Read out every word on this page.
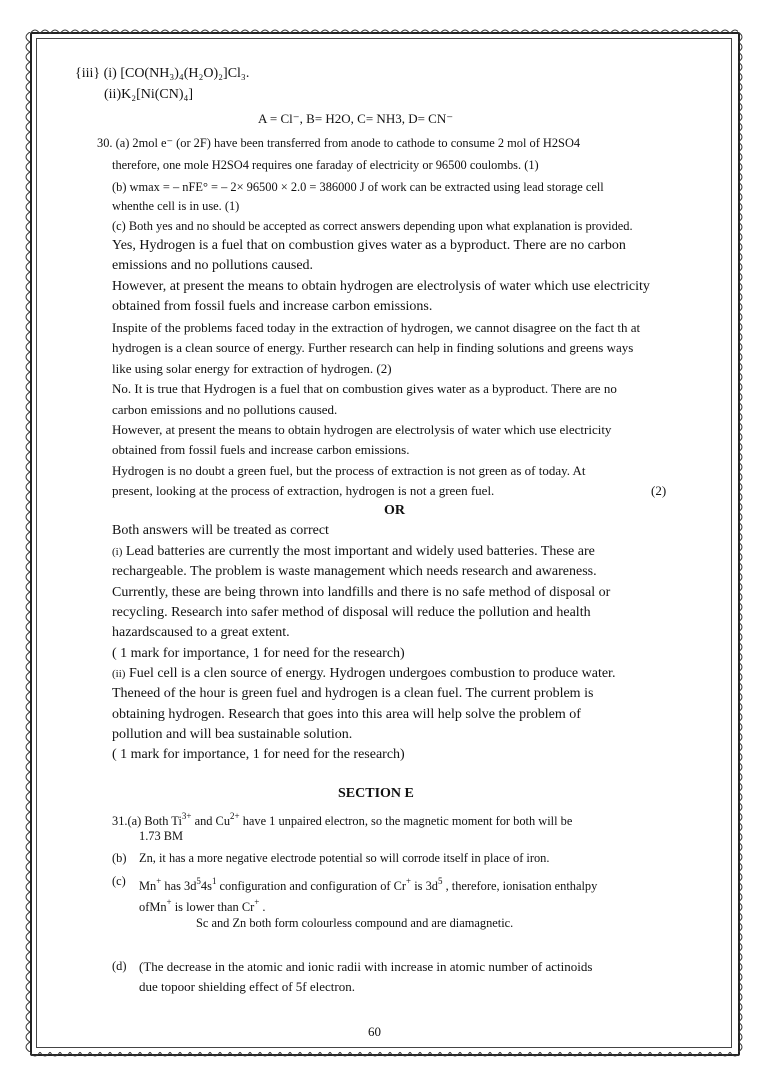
{iii} (i) [CO(NH₃)₄(H₂O)₂]Cl₃.
(ii)K₂[Ni(CN)₄]
A = Cl⁻, B= H2O, C= NH3, D= CN⁻
30. (a) 2mol e⁻ (or 2F) have been transferred from anode to cathode to consume 2 mol of H2SO4
therefore, one mole H2SO4 requires one faraday of electricity or 96500 coulombs. (1)
(b) wmax = – nFE° = – 2× 96500 × 2.0 = 386000 J of work can be extracted using lead storage cell
whenthe cell is in use. (1)
(c) Both yes and no should be accepted as correct answers depending upon what explanation is provided.
Yes, Hydrogen is a fuel that on combustion gives water as a byproduct. There are no carbon
emissions and no pollutions caused.
However, at present the means to obtain hydrogen are electrolysis of water which use electricity
obtained from fossil fuels and increase carbon emissions.
Inspite of the problems faced today in the extraction of hydrogen, we cannot disagree on the fact th at
hydrogen is a clean source of energy. Further research can help in finding solutions and greens ways
like using solar energy for extraction of hydrogen. (2)
No. It is true that Hydrogen is a fuel that on combustion gives water as a byproduct. There are no
carbon emissions and no pollutions caused.
However, at present the means to obtain hydrogen are electrolysis of water which use electricity
obtained from fossil fuels and increase carbon emissions.
Hydrogen is no doubt a green fuel, but the process of extraction is not green as of today. At
present, looking at the process of extraction, hydrogen is not a green fuel.	(2)
OR
Both answers will be treated as correct
(i) Lead batteries are currently the most important and widely used batteries. These are
rechargeable. The problem is waste management which needs research and awareness.
Currently, these are being thrown into landfills and there is no safe method of disposal or
recycling. Research into safer method of disposal will reduce the pollution and health
hazardscaused to a great extent.
( 1 mark for importance, 1 for need for the research)
(ii) Fuel cell is a clen source of energy. Hydrogen undergoes combustion to produce water.
Theneed of the hour is green fuel and hydrogen is a clean fuel. The current problem is
obtaining hydrogen. Research that goes into this area will help solve the problem of
pollution and will bea sustainable solution.
( 1 mark for importance, 1 for need for the research)
SECTION E
31.(a) Both $Ti^{3+}$ and $Cu^{2+}$ have 1 unpaired electron, so the magnetic moment for both will be
1.73 BM
(b) Zn, it has a more negative electrode potential so will corrode itself in place of iron.
(c) Mn+ has $3d^54s^1$ configuration and configuration of Cr+ is $3d^5$ , therefore, ionisation enthalpy
ofMn+ is lower than Cr+ .
Sc and Zn both form colourless compound and are diamagnetic.
(d) (The decrease in the atomic and ionic radii with increase in atomic number of actinoids
due topoor shielding effect of 5f electron.
60
